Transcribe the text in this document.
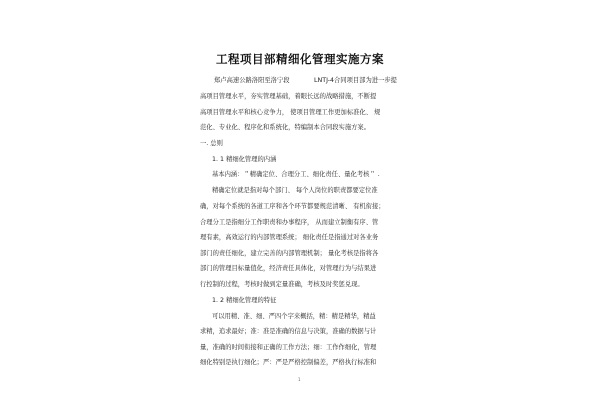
工程项目部精细化管理实施方案
郑卢高速公路洛阳至洛宁段	LNTJ-4合同项目部为进一步提
高项目管理水平，夯实管理基础，着眼长远的战略措施，不断提
高项目管理水平和核心竞争力， 使项目管理工作更加标准化、 规
范化、专业化、程序化和系统化，特编制本合同段实施方案。
一. 总则
1. 1 精细化管理的内涵
基本内涵：＂精确定位、合理分工、细化责任、量化考核＂ .
精确定位就是指对每个部门、 每个人岗位的职责都要定位准
确，对每个系统的各道工序和各个环节都要规范清晰、 有机衔接；
合理分工是指细分工作职责和办事程序， 从而建立制衡有序、管
理有素，高效运行的内部管理系统； 细化责任是指通过对各业务
部门的责任细化，建立完善的内部管理机制； 量化考核是指将各
部门的管理目标量值化，经济责任具体化，对管理行为与结果进
行控制的过程，考核时做到定量准确，考核及时奖惩兑现。
1. 2 精细化管理的特征
可以用精、准、细、严四个字来概括，精：精是精华，精益
求精，追求最好；准：准是准确的信息与决策，准确的数据与计
量，准确的时间衔接和正确的工作方法；细：工作作细化，管理
细化特别是执行细化；严：严是严格控制偏差，严格执行标准和
1
